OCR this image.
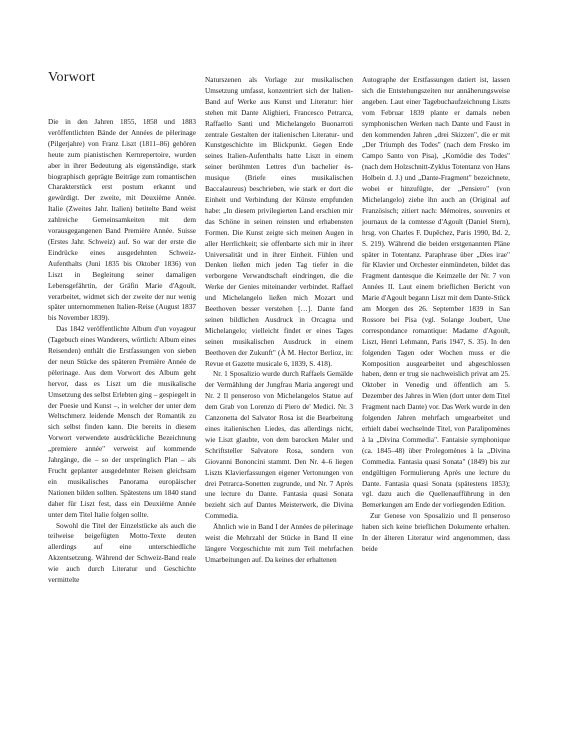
Vorwort

Die in den Jahren 1855, 1858 und 1883 veröffentlichten Bände der Années de pèlerinage (Pilgerjahre) von Franz Liszt (1811–86) gehören heute zum pianistischen Kernrepertoire, wurden aber in ihrer Bedeutung als eigenständige, stark biographisch geprägte Beiträge zum romantischen Charakterstück erst postum erkannt und gewürdigt. Der zweite, mit Deuxième Année. Italie (Zweites Jahr. Italien) betitelte Band weist zahlreiche Gemeinsamkeiten mit dem vorausgegangenen Band Première Année. Suisse (Erstes Jahr. Schweiz) auf. So war der erste die Eindrücke eines ausgedehnten Schweiz-Aufenthalts (Juni 1835 bis Oktober 1836) von Liszt in Begleitung seiner damaligen Lebensgefährtin, der Gräfin Marie d'Agoult, verarbeitet, widmet sich der zweite der nur wenig später unternommenen Italien-Reise (August 1837 bis November 1839).

Das 1842 veröffentlichte Album d'un voyageur (Tagebuch eines Wanderers, wörtlich: Album eines Reisenden) enthält die Erstfassungen von sieben der neun Stücke des späteren Première Année de pèlerinage. Aus dem Vorwort des Album geht hervor, dass es Liszt um die musikalische Umsetzung des selbst Erlebten ging – gespiegelt in der Poesie und Kunst –, in welcher der unter dem Weltschmerz leidende Mensch der Romantik zu sich selbst finden kann. Die bereits in diesem Vorwort verwendete ausdrückliche Bezeichnung „premiere année" verweist auf kommende Jahrgänge, die – so der ursprünglich Plan – als Frucht geplanter ausgedehnter Reisen gleichsam ein musikalisches Panorama europäischer Nationen bilden sollten. Spätestens um 1840 stand daher für Liszt fest, dass ein Deuxième Année unter dem Titel Italie folgen sollte.

Sowohl die Titel der Einzelstücke als auch die teilweise beigefügten Motto-Texte deuten allerdings auf eine unterschiedliche Akzentsetzung. Während der Schweiz-Band reale wie auch durch Literatur und Geschichte vermittelte

Naturszenen als Vorlage zur musikalischen Umsetzung umfasst, konzentriert sich der Italien-Band auf Werke aus Kunst und Literatur: hier stehen mit Dante Alighieri, Francesco Petrarca, Raffaello Santi und Michelangelo Buonarroti zentrale Gestalten der italienischen Literatur- und Kunstgeschichte im Blickpunkt. Gegen Ende seines Italien-Aufenthalts hatte Liszt in einem seiner berühmten Lettres d'un bachelier ès-musique (Briefe eines musikalischen Baccalaureus) beschrieben, wie stark er dort die Einheit und Verbindung der Künste empfunden habe: „In diesem privilegierten Land erschien mir das Schöne in seinen reinsten und erhabensten Formen. Die Kunst zeigte sich meinen Augen in aller Herrlichkeit; sie offenbarte sich mir in ihrer Universalität und in ihrer Einheit. Fühlen und Denken ließen mich jeden Tag tiefer in die verborgene Verwandtschaft eindringen, die die Werke der Genies miteinander verbindet. Raffael und Michelangelo ließen mich Mozart und Beethoven besser verstehen […]. Dante fand seinen bildlichen Ausdruck in Orcagna und Michelangelo; vielleicht findet er eines Tages seinen musikalischen Ausdruck in einem Beethoven der Zukunft" (À M. Hector Berlioz, in: Revue et Gazette musicale 6, 1839, S. 418).

Nr. 1 Sposalizio wurde durch Raffaels Gemälde der Vermählung der Jungfrau Maria angeregt und Nr. 2 Il penseroso von Michelangelos Statue auf dem Grab von Lorenzo di Piero de' Medici. Nr. 3 Canzonetta del Salvator Rosa ist die Bearbeitung eines italienischen Liedes, das allerdings nicht, wie Liszt glaubte, von dem barocken Maler und Schriftsteller Salvatore Rosa, sondern von Giovanni Bononcini stammt. Den Nr. 4–6 liegen Liszts Klavierfassungen eigener Vertonungen von drei Petrarca-Sonetten zugrunde, und Nr. 7 Après une lecture du Dante. Fantasia quasi Sonata bezieht sich auf Dantes Meisterwerk, die Divina Commedia.

Ähnlich wie in Band I der Années de pèlerinage weist die Mehrzahl der Stücke in Band II eine längere Vorgeschichte mit zum Teil mehrfachen Umarbeitungen auf. Da keines der erhaltenen

Autographe der Erstfassungen datiert ist, lassen sich die Entstehungszeiten nur annäherungsweise angeben. Laut einer Tagebuchaufzeichnung Liszts vom Februar 1839 plante er damals neben symphonischen Werken nach Dante und Faust in den kommenden Jahren „drei Skizzen", die er mit „Der Triumph des Todes" (nach dem Fresko im Campo Santo von Pisa), „Komödie des Todes" (nach dem Holzschnitt-Zyklus Totentanz von Hans Holbein d. J.) und „Dante-Fragment" bezeichnete, wobei er hinzufügte, der „Pensiero" (von Michelangelo) ziehe ihn auch an (Original auf Französisch; zitiert nach: Mémoires, souvenirs et journaux de la comtesse d'Agoult (Daniel Stern), hrsg. von Charles F. Dupêchez, Paris 1990, Bd. 2, S. 219). Während die beiden erstgenannten Pläne später in Totentanz. Paraphrase über „Dies irae" für Klavier und Orchester einmündeten, bildet das Fragment dantesque die Keimzelle der Nr. 7 von Années II. Laut einem brieflichen Bericht von Marie d'Agoult begann Liszt mit dem Dante-Stück am Morgen des 26. September 1839 in San Rossore bei Pisa (vgl. Solange Joubert, Une correspondance romantique: Madame d'Agoult, Liszt, Henri Lehmann, Paris 1947, S. 35). In den folgenden Tagen oder Wochen muss er die Komposition ausgearbeitet und abgeschlossen haben, denn er trug sie nachweislich privat am 25. Oktober in Venedig und öffentlich am 5. Dezember des Jahres in Wien (dort unter dem Titel Fragment nach Dante) vor. Das Werk wurde in den folgenden Jahren mehrfach umgearbeitet und erhielt dabei wechselnde Titel, von Paralipomènes à la „Divina Commedia". Fantaisie symphonique (ca. 1845–48) über Prolegomènes à la „Divina Commedia. Fantasia quasi Sonata" (1849) bis zur endgültigen Formulierung Après une lecture du Dante. Fantasia quasi Sonata (spätestens 1853); vgl. dazu auch die Quellenaufführung in den Bemerkungen am Ende der vorliegenden Edition.

Zur Genese von Sposalizio und Il penseroso haben sich keine brieflichen Dokumente erhalten. In der älteren Literatur wird angenommen, dass beide
